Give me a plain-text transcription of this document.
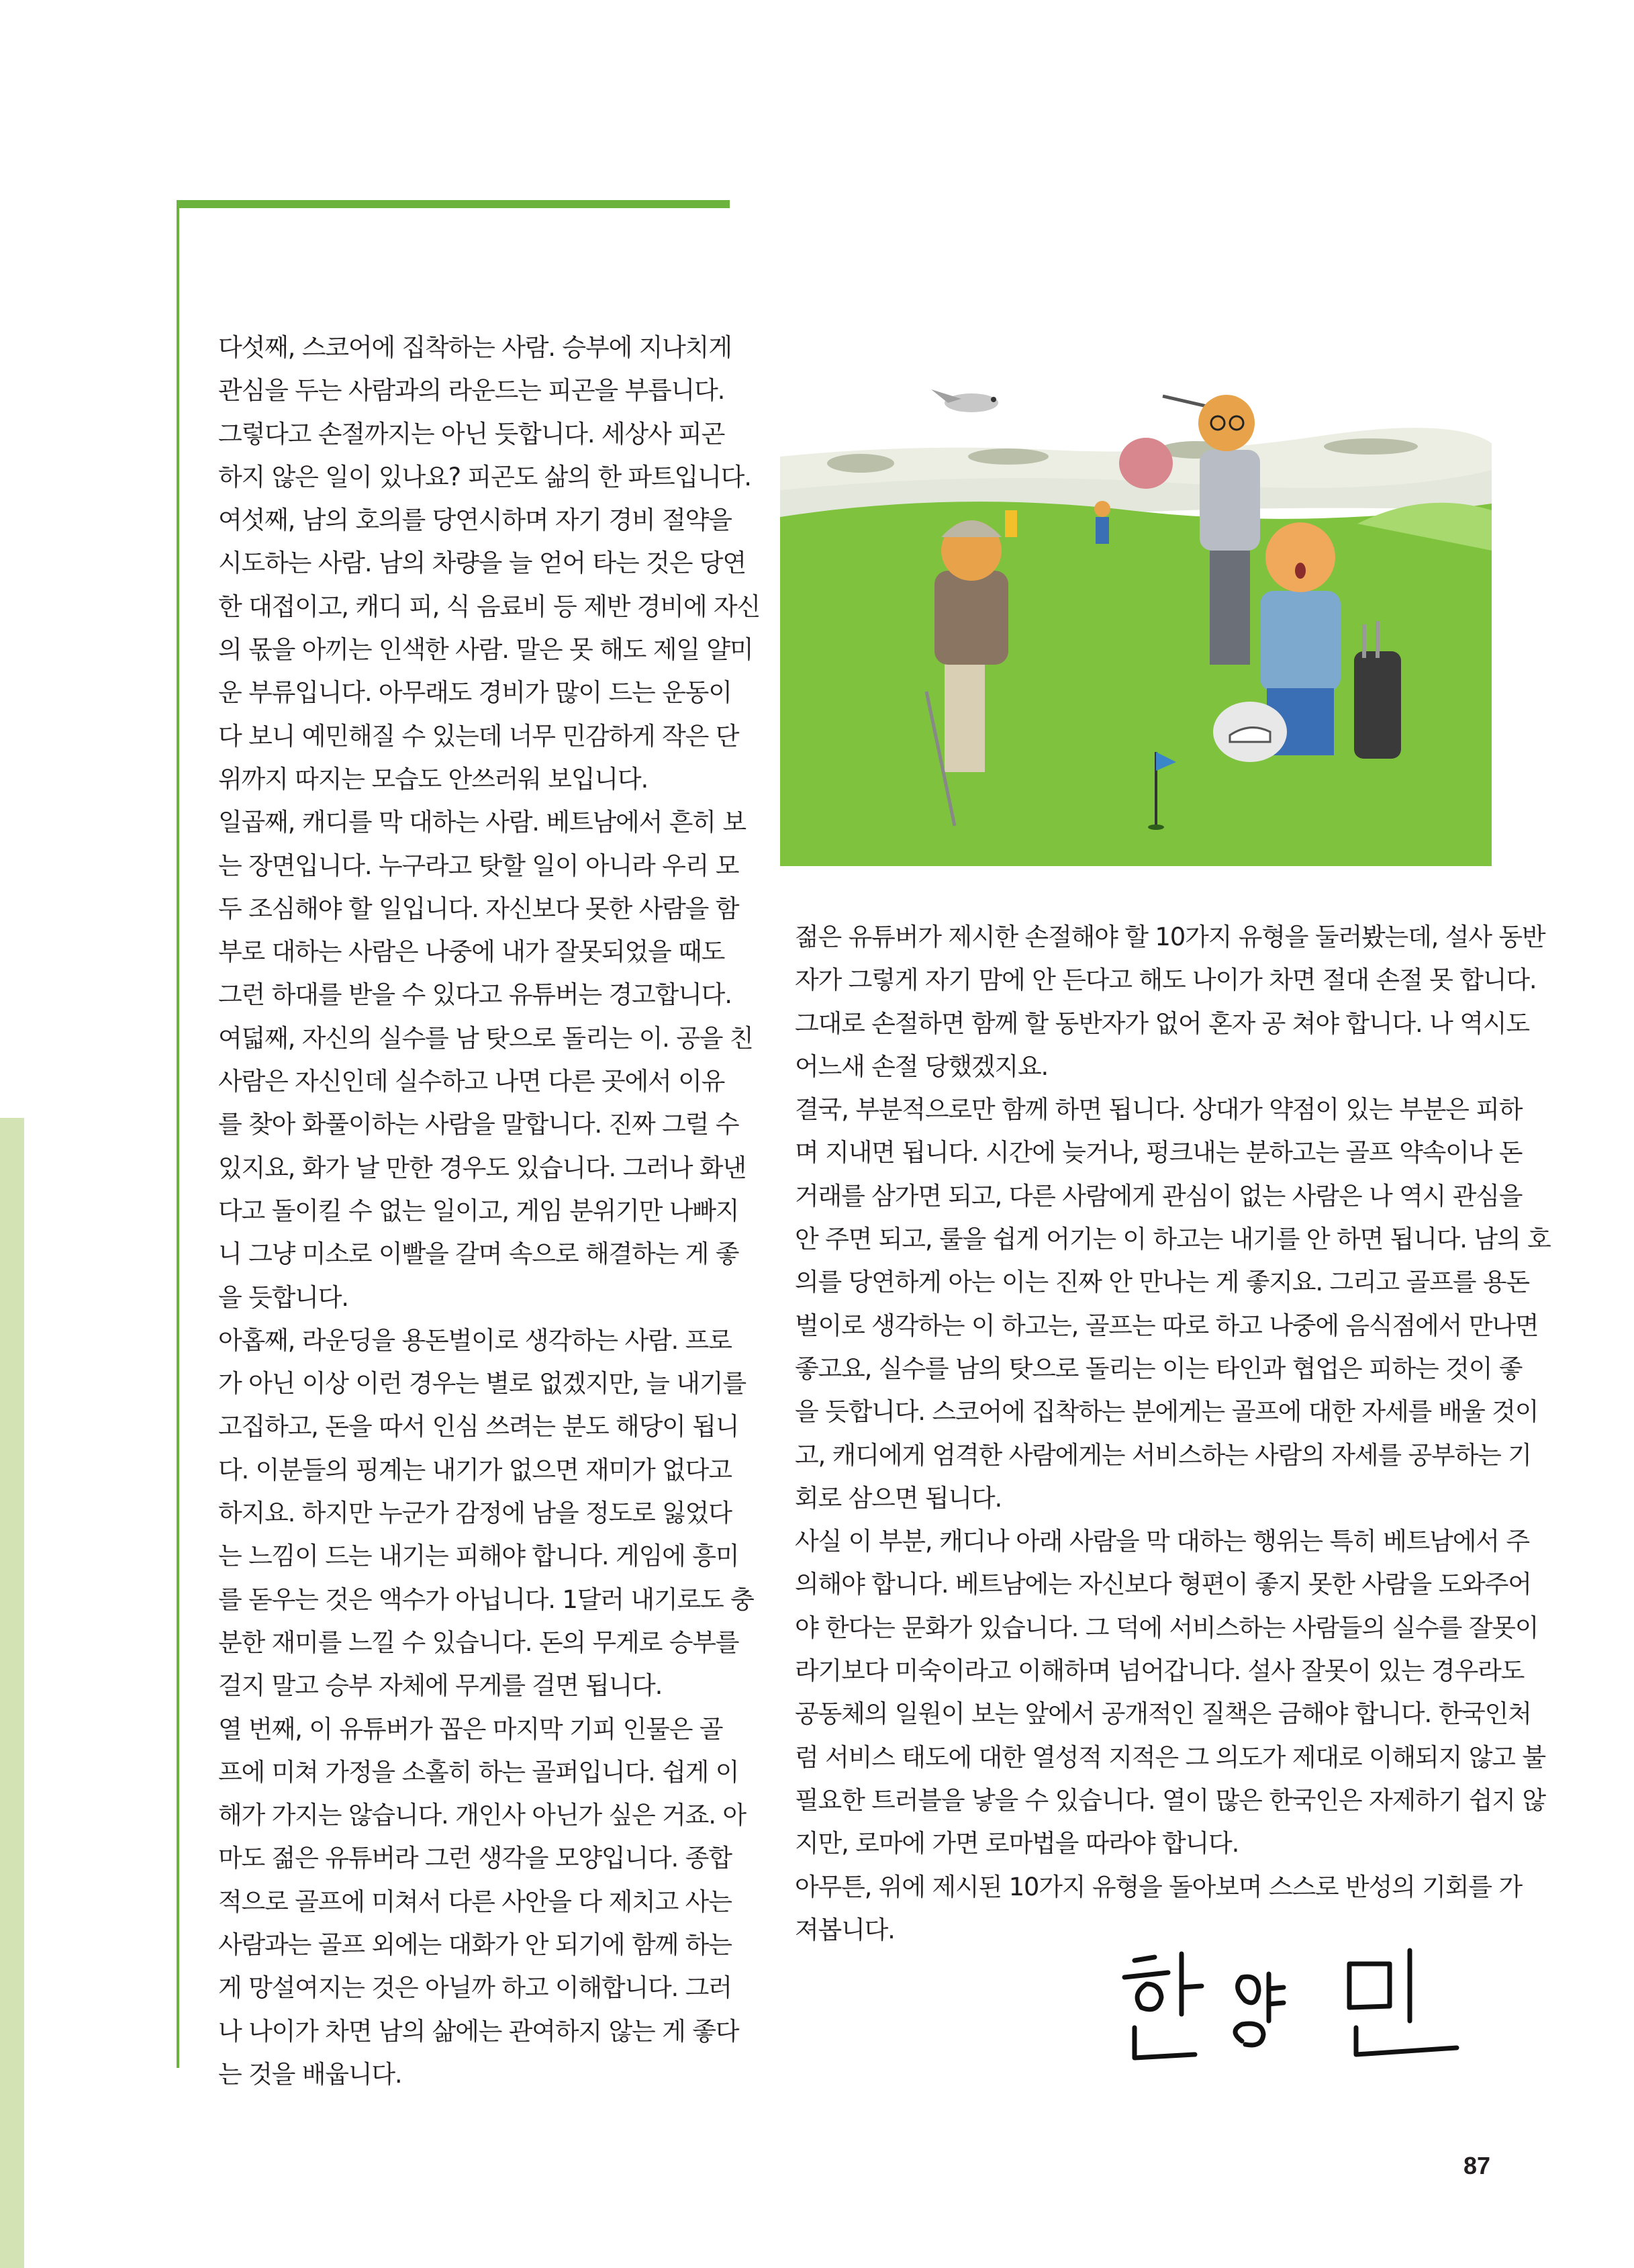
다섯째, 스코어에 집착하는 사람. 승부에 지나치게

관심을 두는 사람과의 라운드는 피곤을 부릅니다.

그렇다고 손절까지는 아닌 듯합니다. 세상사 피곤

하지 않은 일이 있나요? 피곤도 삶의 한 파트입니다.

여섯째, 남의 호의를 당연시하며 자기 경비 절약을

시도하는 사람. 남의 차량을 늘 얻어 타는 것은 당연

한 대접이고, 캐디 피, 식 음료비 등 제반 경비에 자신

의 몫을 아끼는 인색한 사람. 말은 못 해도 제일 얄미

운 부류입니다. 아무래도 경비가 많이 드는 운동이

다 보니 예민해질 수 있는데 너무 민감하게 작은 단

위까지 따지는 모습도 안쓰러워 보입니다.

일곱째, 캐디를 막 대하는 사람. 베트남에서 흔히 보

는 장면입니다. 누구라고 탓할 일이 아니라 우리 모

두 조심해야 할 일입니다. 자신보다 못한 사람을 함

부로 대하는 사람은 나중에 내가 잘못되었을 때도

그런 하대를 받을 수 있다고 유튜버는 경고합니다.

여덟째, 자신의 실수를 남 탓으로 돌리는 이. 공을 친

사람은 자신인데 실수하고 나면 다른 곳에서 이유

를 찾아 화풀이하는 사람을 말합니다. 진짜 그럴 수

있지요, 화가 날 만한 경우도 있습니다. 그러나 화낸

다고 돌이킬 수 없는 일이고, 게임 분위기만 나빠지

니 그냥 미소로 이빨을 갈며 속으로 해결하는 게 좋

을 듯합니다.

아홉째, 라운딩을 용돈벌이로 생각하는 사람. 프로

가 아닌 이상 이런 경우는 별로 없겠지만, 늘 내기를

고집하고, 돈을 따서 인심 쓰려는 분도 해당이 됩니

다. 이분들의 핑계는 내기가 없으면 재미가 없다고

하지요. 하지만 누군가 감정에 남을 정도로 잃었다

는 느낌이 드는 내기는 피해야 합니다. 게임에 흥미

를 돋우는 것은 액수가 아닙니다. 1달러 내기로도 충

분한 재미를 느낄 수 있습니다. 돈의 무게로 승부를

걸지 말고 승부 자체에 무게를 걸면 됩니다.

열 번째, 이 유튜버가 꼽은 마지막 기피 인물은 골

프에 미쳐 가정을 소홀히 하는 골퍼입니다. 쉽게 이

해가 가지는 않습니다. 개인사 아닌가 싶은 거죠. 아

마도 젊은 유튜버라 그런 생각을 모양입니다. 종합

적으로 골프에 미쳐서 다른 사안을 다 제치고 사는

사람과는 골프 외에는 대화가 안 되기에 함께 하는

게 망설여지는 것은 아닐까 하고 이해합니다. 그러

나 나이가 차면 남의 삶에는 관여하지 않는 게 좋다

는 것을 배웁니다.

젊은 유튜버가 제시한 손절해야 할 10가지 유형을 둘러봤는데, 설사 동반

자가 그렇게 자기 맘에 안 든다고 해도 나이가 차면 절대 손절 못 합니다.

그대로 손절하면 함께 할 동반자가 없어 혼자 공 쳐야 합니다. 나 역시도

어느새 손절 당했겠지요.

결국, 부분적으로만 함께 하면 됩니다. 상대가 약점이 있는 부분은 피하

며 지내면 됩니다. 시간에 늦거나, 펑크내는 분하고는 골프 약속이나 돈

거래를 삼가면 되고, 다른 사람에게 관심이 없는 사람은 나 역시 관심을

안 주면 되고, 룰을 쉽게 어기는 이 하고는 내기를 안 하면 됩니다. 남의 호

의를 당연하게 아는 이는 진짜 안 만나는 게 좋지요. 그리고 골프를 용돈

벌이로 생각하는 이 하고는, 골프는 따로 하고 나중에 음식점에서 만나면

좋고요, 실수를 남의 탓으로 돌리는 이는 타인과 협업은 피하는 것이 좋

을 듯합니다. 스코어에 집착하는 분에게는 골프에 대한 자세를 배울 것이

고, 캐디에게 엄격한 사람에게는 서비스하는 사람의 자세를 공부하는 기

회로 삼으면 됩니다.

사실 이 부분, 캐디나 아래 사람을 막 대하는 행위는 특히 베트남에서 주

의해야 합니다. 베트남에는 자신보다 형편이 좋지 못한 사람을 도와주어

야 한다는 문화가 있습니다. 그 덕에 서비스하는 사람들의 실수를 잘못이

라기보다 미숙이라고 이해하며 넘어갑니다. 설사 잘못이 있는 경우라도

공동체의 일원이 보는 앞에서 공개적인 질책은 금해야 합니다. 한국인처

럼 서비스 태도에 대한 열성적 지적은 그 의도가 제대로 이해되지 않고 불

필요한 트러블을 낳을 수 있습니다. 열이 많은 한국인은 자제하기 쉽지 않

지만, 로마에 가면 로마법을 따라야 합니다.

아무튼, 위에 제시된 10가지 유형을 돌아보며 스스로 반성의 기회를 가

져봅니다.

87
